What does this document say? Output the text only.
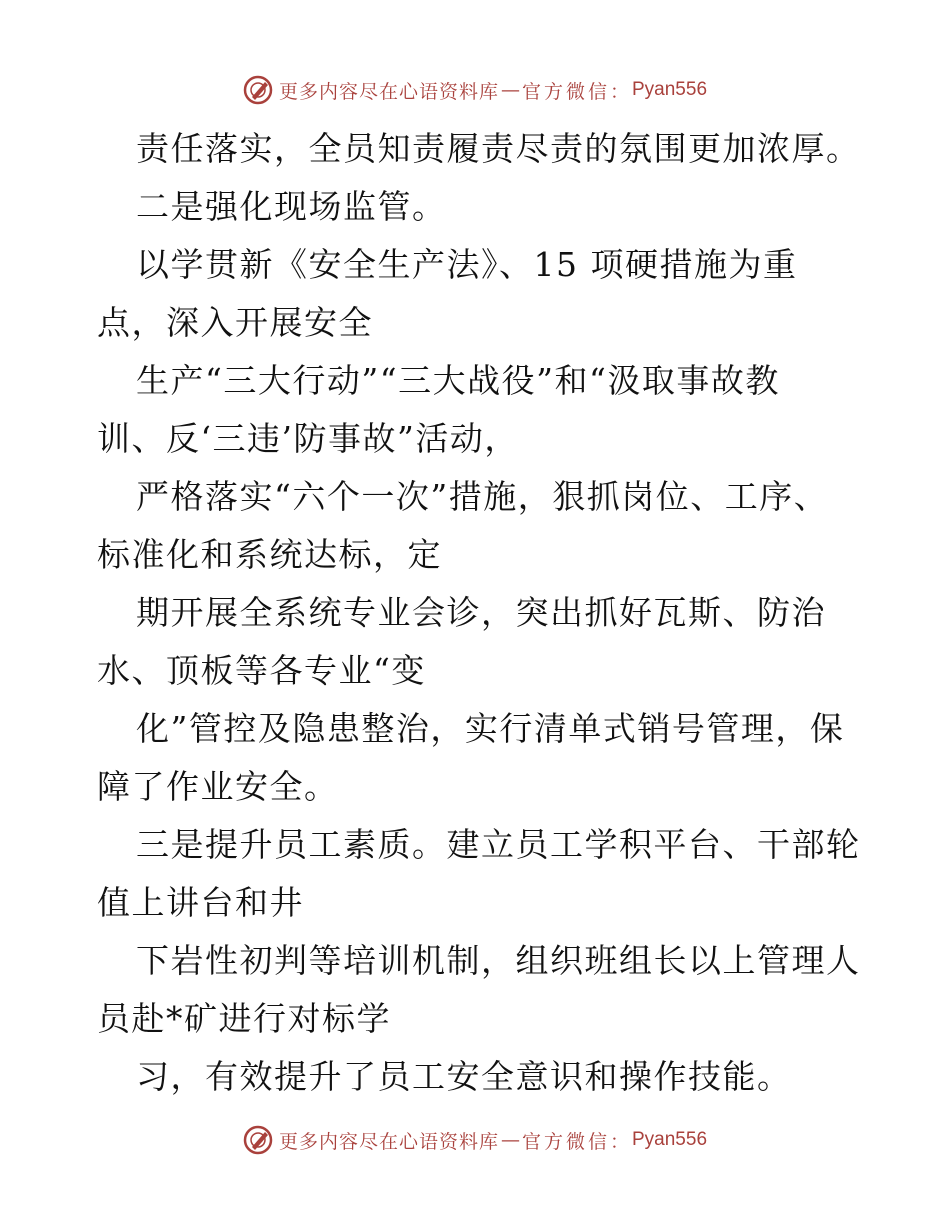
更多内容尽在心语资料库 — 官方微信： Pyan556
责任落实，全员知责履责尽责的氛围更加浓厚。
二是强化现场监管。
以学贯新《安全生产法》、15 项硬措施为重
点，深入开展安全
生产“三大行动”“三大战役”和“汲取事故教
训、反‘三违’防事故”活动，
严格落实“六个一次”措施，狠抓岗位、工序、
标准化和系统达标，定
期开展全系统专业会诊，突出抓好瓦斯、防治
水、顶板等各专业“变
化”管控及隐患整治，实行清单式销号管理，保
障了作业安全。
三是提升员工素质。建立员工学积平台、干部轮
值上讲台和井
下岩性初判等培训机制，组织班组长以上管理人
员赴*矿进行对标学
习，有效提升了员工安全意识和操作技能。
更多内容尽在心语资料库 — 官方微信： Pyan556
